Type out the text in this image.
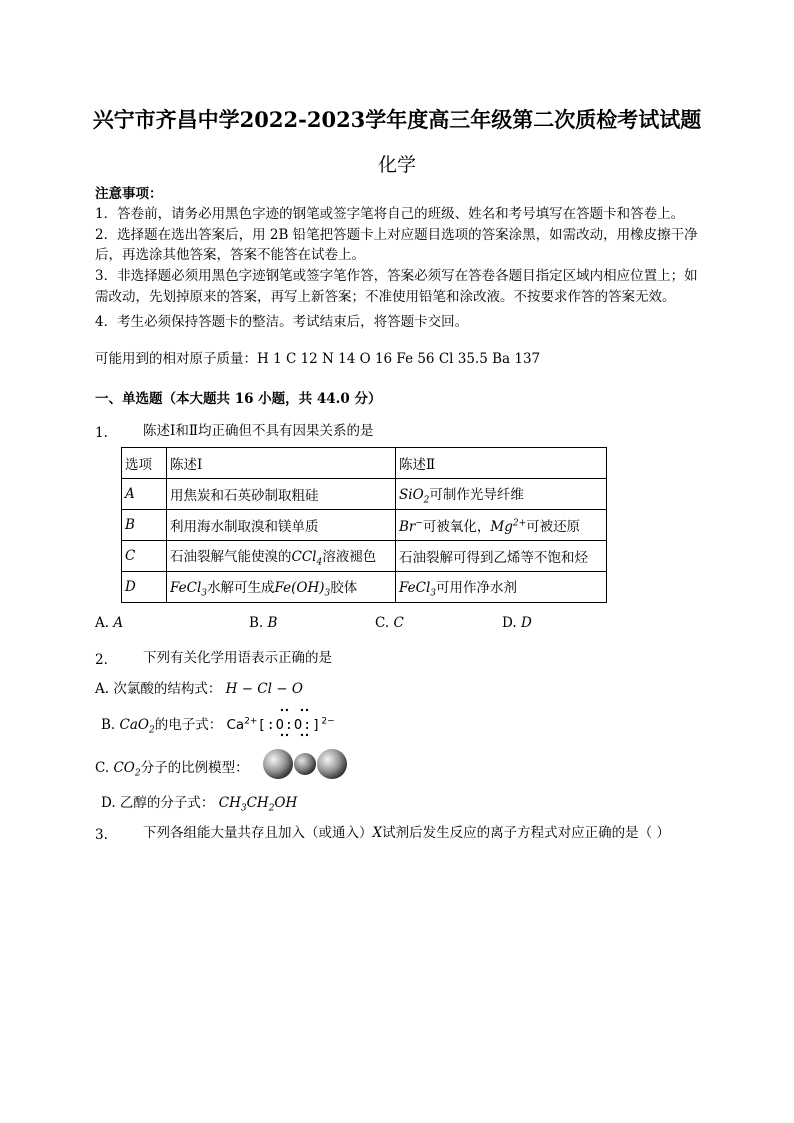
兴宁市齐昌中学2022-2023学年度高三年级第二次质检考试试题
化学
注意事项：
1．答卷前，请务必用黑色字迹的钢笔或签字笔将自己的班级、姓名和考号填写在答题卡和答卷上。
2．选择题在选出答案后，用 2B 铅笔把答题卡上对应题目选项的答案涂黑，如需改动，用橡皮擦干净
后，再选涂其他答案，答案不能答在试卷上。
3．非选择题必须用黑色字迹钢笔或签字笔作答，答案必须写在答卷各题目指定区域内相应位置上；如
需改动，先划掉原来的答案，再写上新答案；不准使用铅笔和涂改液。不按要求作答的答案无效。
4．考生必须保持答题卡的整洁。考试结束后，将答题卡交回。
可能用到的相对原子质量：H 1 C 12 N 14 O 16 Fe 56 Cl 35.5 Ba 137
一、单选题（本大题共 16 小题，共 44.0 分）
1.	陈述Ⅰ和Ⅱ均正确但不具有因果关系的是
选项	陈述Ⅰ	陈述Ⅱ
A	用焦炭和石英砂制取粗硅	SiO$_2$可制作光导纤维
B	利用海水制取溴和镁单质	Br−可被氧化，$Mg^{2+}$可被还原
C	石油裂解气能使溴的CCl$_4$溶液褪色	石油裂解可得到乙烯等不饱和烃
D	FeCl$_3$水解可生成$Fe(OH)_3$胶体	FeCl$_3$可用作净水剂
A. A	B. B	C. C	D. D
2.	下列有关化学用语表示正确的是
A. 次氯酸的结构式： H − Cl − O
B. CaO$_2$的电子式： $Ca^{2+}[:O:O:]^{2-}$
C. $CO_2$分子的比例模型：
D. 乙醇的分子式： $CH_3CH_2OH$
3.	下列各组能大量共存且加入（或通入）X试剂后发生反应的离子方程式对应正确的是（ ）
